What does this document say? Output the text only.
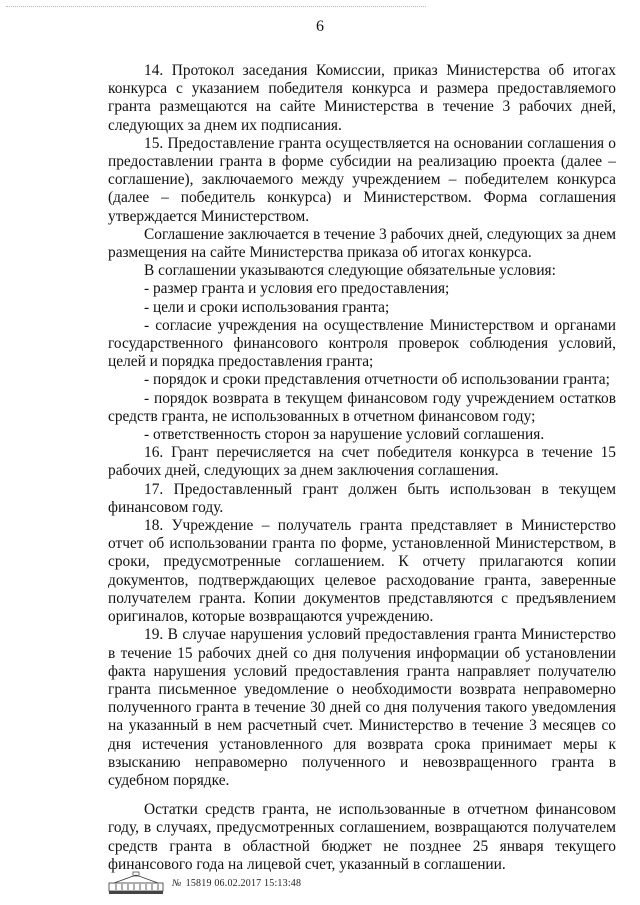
6

14. Протокол заседания Комиссии, приказ Министерства об итогах конкурса с указанием победителя конкурса и размера предоставляемого гранта размещаются на сайте Министерства в течение 3 рабочих дней, следующих за днем их подписания.

15. Предоставление гранта осуществляется на основании соглашения о предоставлении гранта в форме субсидии на реализацию проекта (далее – соглашение), заключаемого между учреждением – победителем конкурса (далее – победитель конкурса) и Министерством. Форма соглашения утверждается Министерством.

Соглашение заключается в течение 3 рабочих дней, следующих за днем размещения на сайте Министерства приказа об итогах конкурса.

В соглашении указываются следующие обязательные условия:

- размер гранта и условия его предоставления;

- цели и сроки использования гранта;

- согласие учреждения на осуществление Министерством и органами государственного финансового контроля проверок соблюдения условий, целей и порядка предоставления гранта;

- порядок и сроки представления отчетности об использовании гранта;

- порядок возврата в текущем финансовом году учреждением остатков средств гранта, не использованных в отчетном финансовом году;

- ответственность сторон за нарушение условий соглашения.

16. Грант перечисляется на счет победителя конкурса в течение 15 рабочих дней, следующих за днем заключения соглашения.

17. Предоставленный грант должен быть использован в текущем финансовом году.

18. Учреждение – получатель гранта представляет в Министерство отчет об использовании гранта по форме, установленной Министерством, в сроки, предусмотренные соглашением. К отчету прилагаются копии документов, подтверждающих целевое расходование гранта, заверенные получателем гранта. Копии документов представляются с предъявлением оригиналов, которые возвращаются учреждению.

19. В случае нарушения условий предоставления гранта Министерство в течение 15 рабочих дней со дня получения информации об установлении факта нарушения условий предоставления гранта направляет получателю гранта письменное уведомление о необходимости возврата неправомерно полученного гранта в течение 30 дней со дня получения такого уведомления на указанный в нем расчетный счет. Министерство в течение 3 месяцев со дня истечения установленного для возврата срока принимает меры к взысканию неправомерно полученного и невозвращенного гранта в судебном порядке.

Остатки средств гранта, не использованные в отчетном финансовом году, в случаях, предусмотренных соглашением, возвращаются получателем средств гранта в областной бюджет не позднее 25 января текущего финансового года на лицевой счет, указанный в соглашении.

№ 15819 06.02.2017 15:13:48
